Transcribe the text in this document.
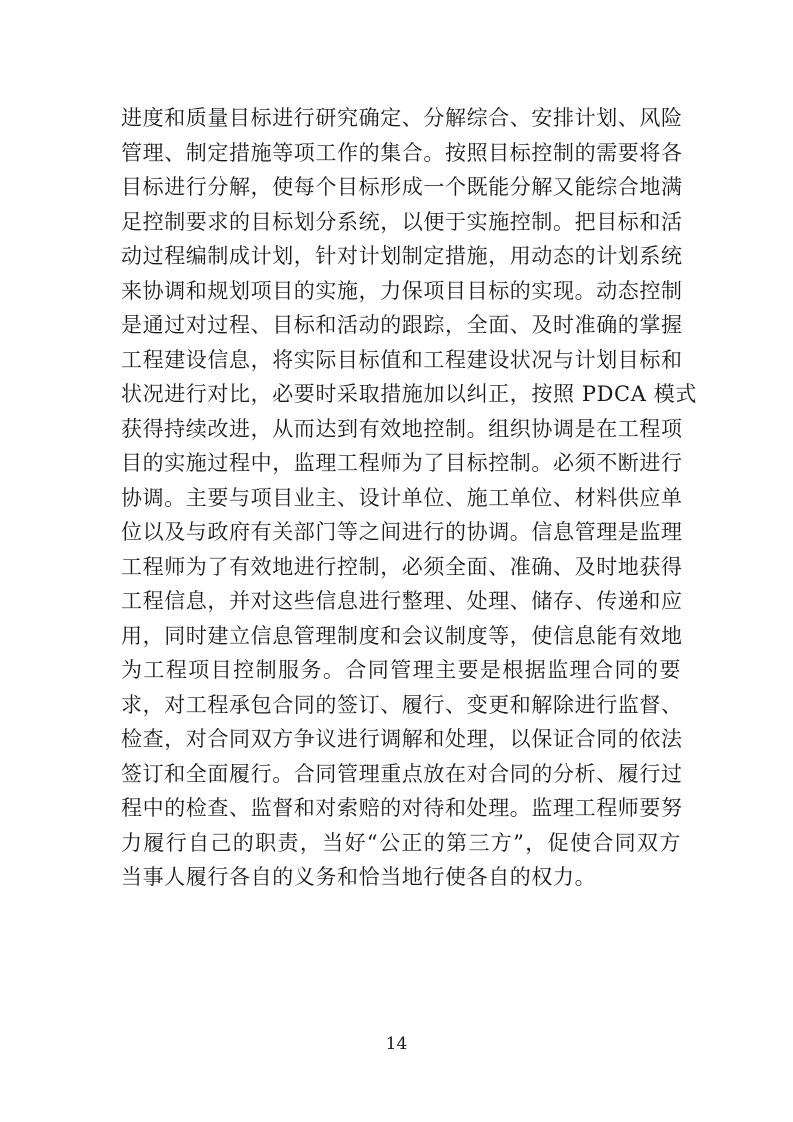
进度和质量目标进行研究确定、分解综合、安排计划、风险
管理、制定措施等项工作的集合。按照目标控制的需要将各
目标进行分解，使每个目标形成一个既能分解又能综合地满
足控制要求的目标划分系统，以便于实施控制。把目标和活
动过程编制成计划，针对计划制定措施，用动态的计划系统
来协调和规划项目的实施，力保项目目标的实现。动态控制
是通过对过程、目标和活动的跟踪，全面、及时准确的掌握
工程建设信息，将实际目标值和工程建设状况与计划目标和
状况进行对比，必要时采取措施加以纠正，按照 PDCA 模式
获得持续改进，从而达到有效地控制。组织协调是在工程项
目的实施过程中，监理工程师为了目标控制。必须不断进行
协调。主要与项目业主、设计单位、施工单位、材料供应单
位以及与政府有关部门等之间进行的协调。信息管理是监理
工程师为了有效地进行控制，必须全面、准确、及时地获得
工程信息，并对这些信息进行整理、处理、储存、传递和应
用，同时建立信息管理制度和会议制度等，使信息能有效地
为工程项目控制服务。合同管理主要是根据监理合同的要
求，对工程承包合同的签订、履行、变更和解除进行监督、
检查，对合同双方争议进行调解和处理，以保证合同的依法
签订和全面履行。合同管理重点放在对合同的分析、履行过
程中的检查、监督和对索赔的对待和处理。监理工程师要努
力履行自己的职责，当好“公正的第三方”，促使合同双方
当事人履行各自的义务和恰当地行使各自的权力。
14
